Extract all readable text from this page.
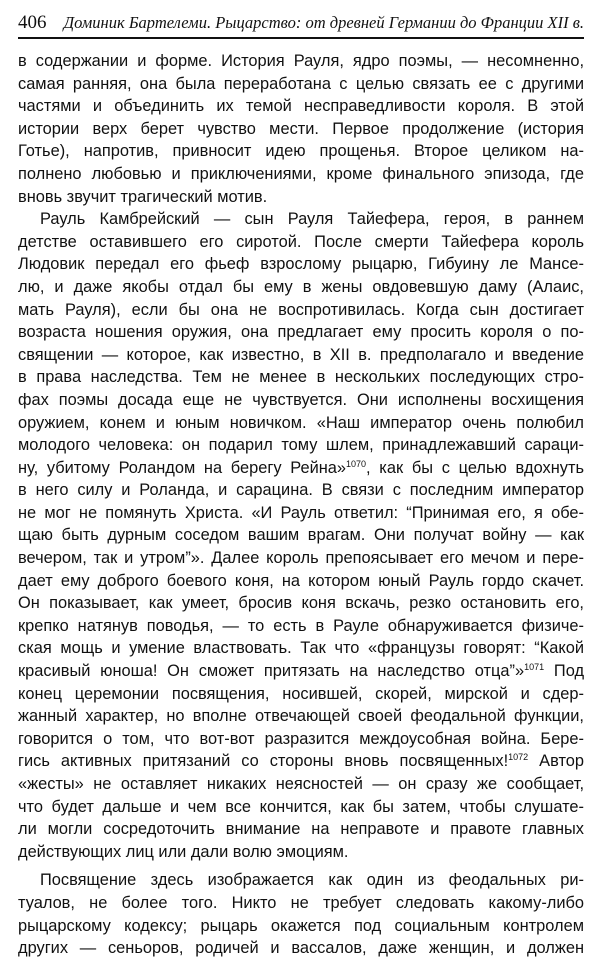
406 Доминик Бартелеми. Рыцарство: от древней Германии до Франции XII в.
в содержании и форме. История Рауля, ядро поэмы, — несомненно,
самая ранняя, она была переработана с целью связать ее с другими
частями и объединить их темой несправедливости короля. В этой
истории верх берет чувство мести. Первое продолжение (история
Готье), напротив, привносит идею прощенья. Второе целиком на-
полнено любовью и приключениями, кроме финального эпизода, где
вновь звучит трагический мотив.
Рауль Камбрейский — сын Рауля Тайефера, героя, в раннем
детстве оставившего его сиротой. После смерти Тайефера король
Людовик передал его фьеф взрослому рыцарю, Гибуину ле Мансе-
лю, и даже якобы отдал бы ему в жены овдовевшую даму (Алаис,
мать Рауля), если бы она не воспротивилась. Когда сын достигает
возраста ношения оружия, она предлагает ему просить короля о по-
священии — которое, как известно, в XII в. предполагало и введение
в права наследства. Тем не менее в нескольких последующих стро-
фах поэмы досада еще не чувствуется. Они исполнены восхищения
оружием, конем и юным новичком. «Наш император очень полюбил
молодого человека: он подарил тому шлем, принадлежавший сараци-
ну, убитому Роландом на берегу Рейна»$^{1070}$, как бы с целью вдохнуть
в него силу и Роланда, и сарацина. В связи с последним император
не мог не помянуть Христа. «И Рауль ответил: “Принимая его, я обе-
щаю быть дурным соседом вашим врагам. Они получат войну — как
вечером, так и утром”». Далее король препоясывает его мечом и пере-
дает ему доброго боевого коня, на котором юный Рауль гордо скачет.
Он показывает, как умеет, бросив коня вскачь, резко остановить его,
крепко натянув поводья, — то есть в Рауле обнаруживается физиче-
ская мощь и умение властвовать. Так что «французы говорят: “Какой
красивый юноша! Он сможет притязать на наследство отца”»$^{1071}$ Под
конец церемонии посвящения, носившей, скорей, мирской и сдер-
жанный характер, но вполне отвечающей своей феодальной функции,
говорится о том, что вот-вот разразится междоусобная война. Бере-
гись активных притязаний со стороны вновь посвященных!$^{1072}$ Автор
«жесты» не оставляет никаких неясностей — он сразу же сообщает,
что будет дальше и чем все кончится, как бы затем, чтобы слушате-
ли могли сосредоточить внимание на неправоте и правоте главных
действующих лиц или дали волю эмоциям.
Посвящение здесь изображается как один из феодальных ри-
туалов, не более того. Никто не требует следовать какому-либо
рыцарскому кодексу; рыцарь окажется под социальным контролем
других — сеньоров, родичей и вассалов, даже женщин, и должен
